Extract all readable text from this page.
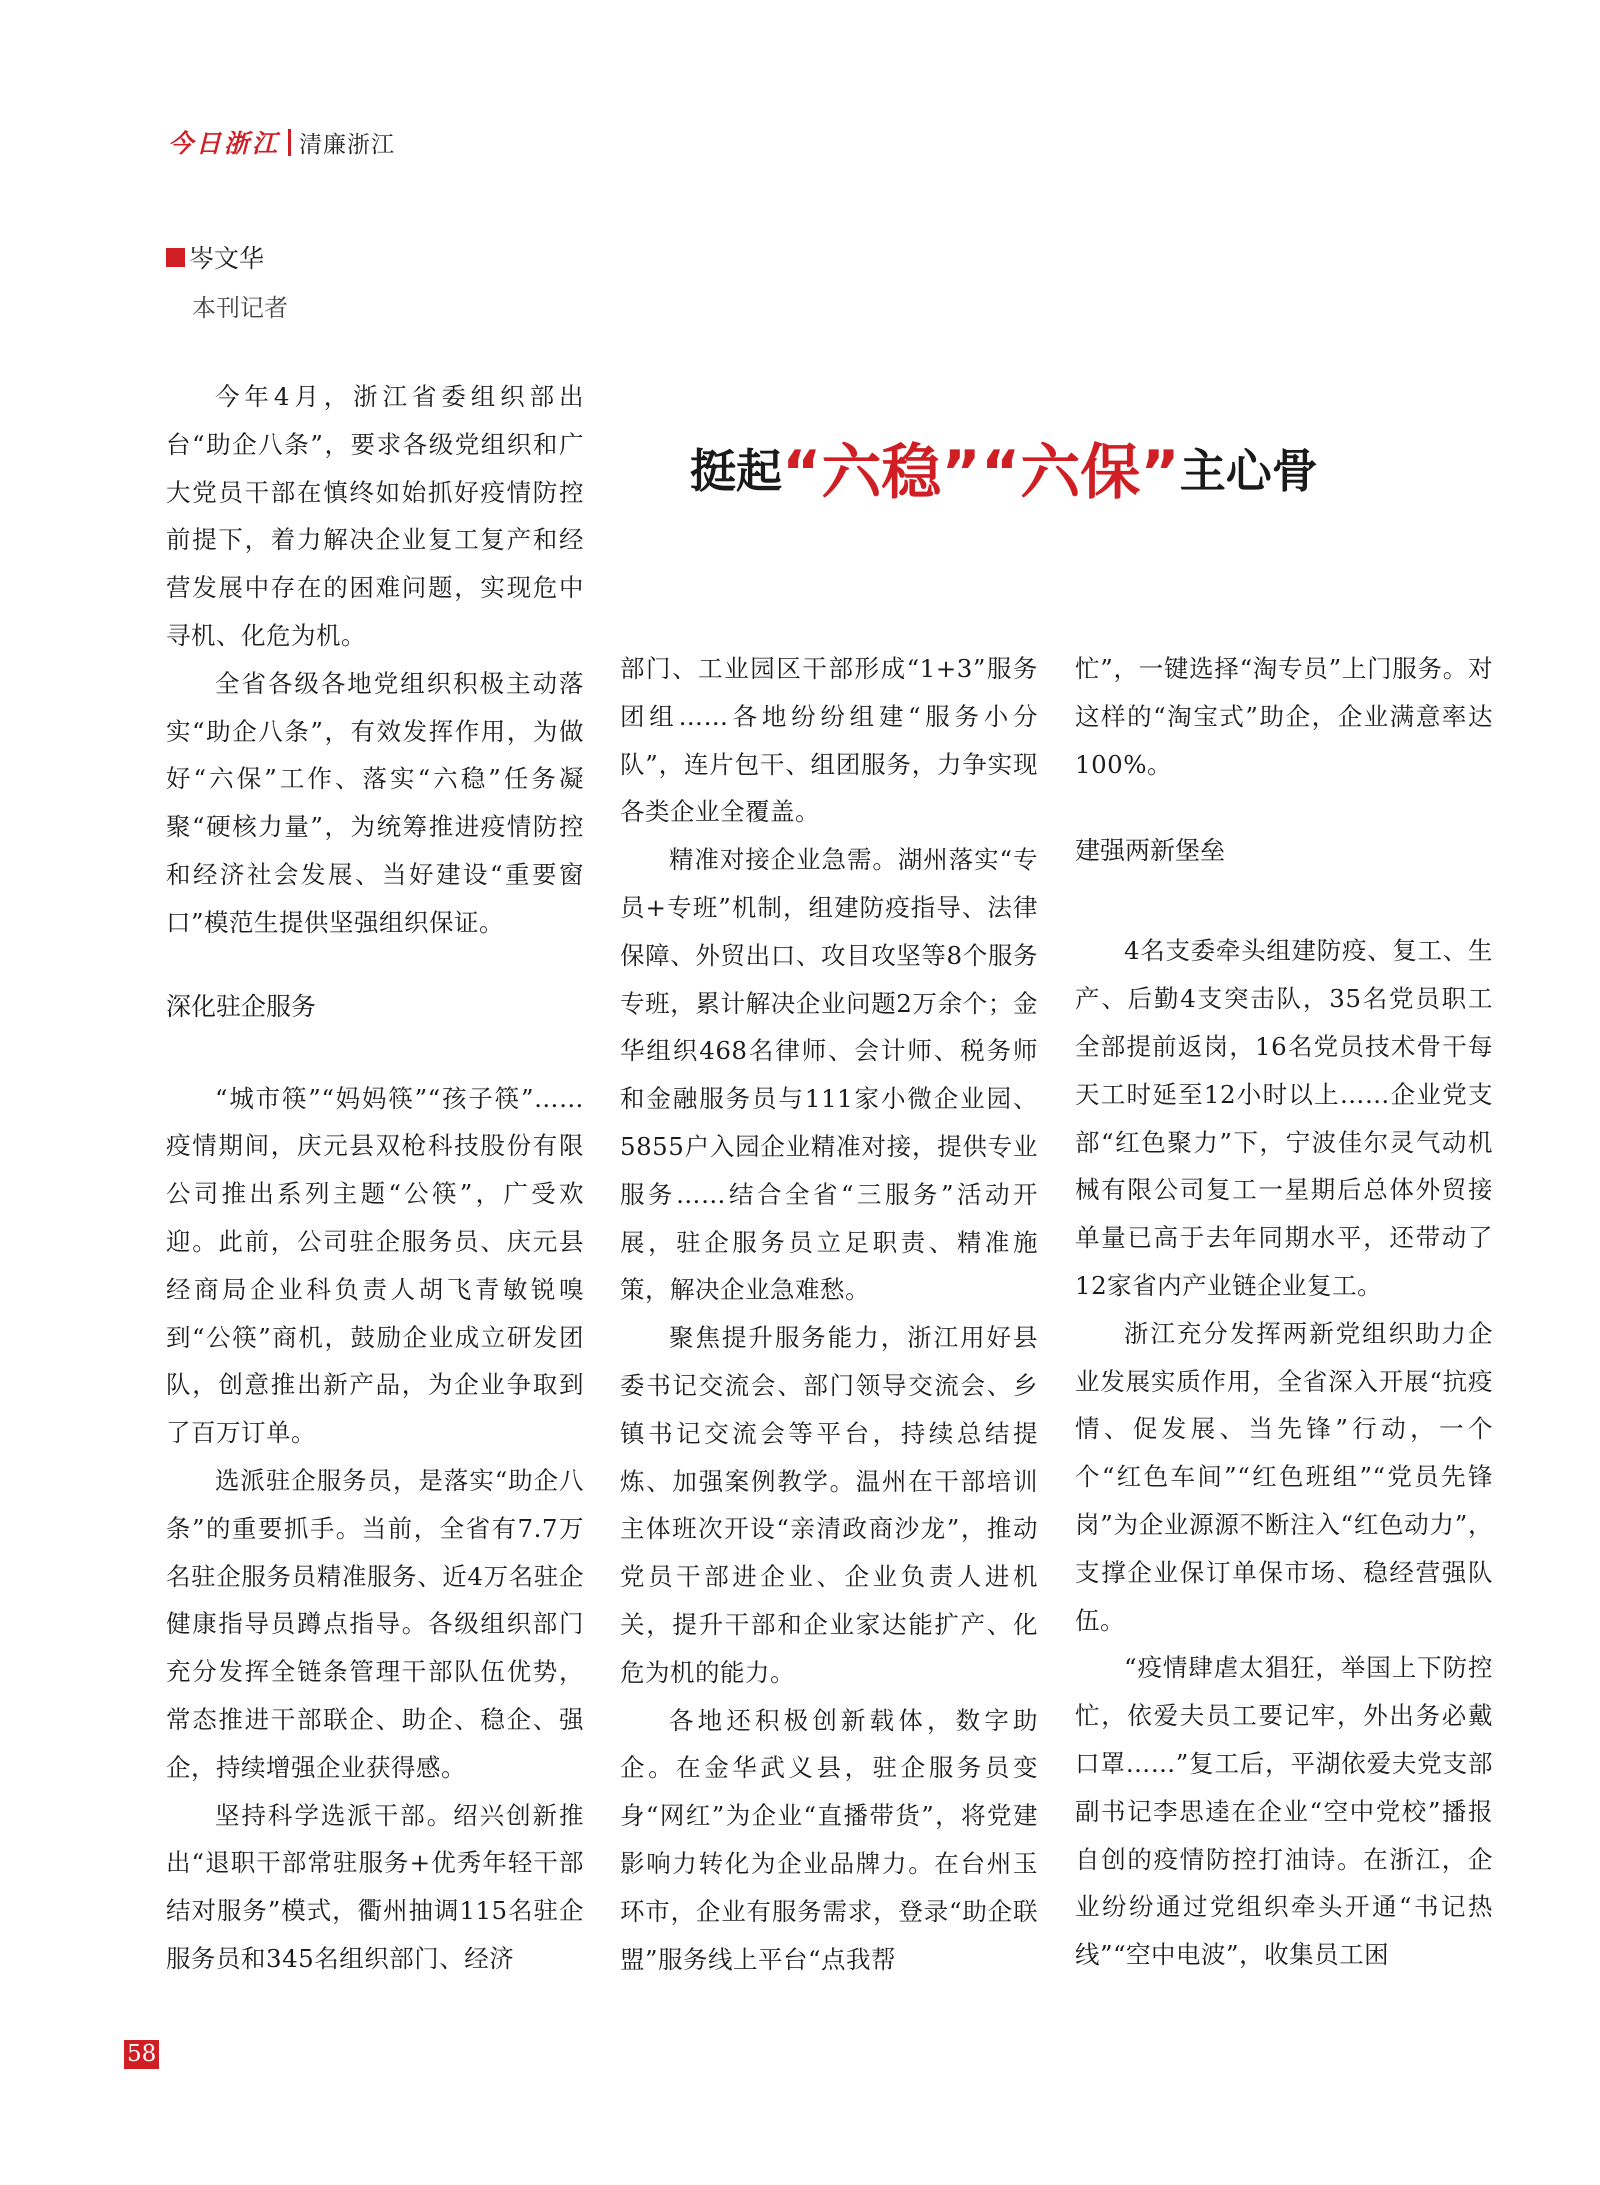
今日浙江 清廉浙江
岑文华
本刊记者
挺起“六稳”“六保”主心骨

今年4月，浙江省委组织部出台“助企八条”，要求各级党组织和广大党员干部在慎终如始抓好疫情防控前提下，着力解决企业复工复产和经营发展中存在的困难问题，实现危中寻机、化危为机。

全省各级各地党组织积极主动落实“助企八条”，有效发挥作用，为做好“六保”工作、落实“六稳”任务凝聚“硬核力量”，为统筹推进疫情防控和经济社会发展、当好建设“重要窗口”模范生提供坚强组织保证。

深化驻企服务

“城市筷”“妈妈筷”“孩子筷”……疫情期间，庆元县双枪科技股份有限公司推出系列主题“公筷”，广受欢迎。此前，公司驻企服务员、庆元县经商局企业科负责人胡飞青敏锐嗅到“公筷”商机，鼓励企业成立研发团队，创意推出新产品，为企业争取到了百万订单。

选派驻企服务员，是落实“助企八条”的重要抓手。当前，全省有7.7万名驻企服务员精准服务、近4万名驻企健康指导员蹲点指导。各级组织部门充分发挥全链条管理干部队伍优势，常态推进干部联企、助企、稳企、强企，持续增强企业获得感。

坚持科学选派干部。绍兴创新推出“退职干部常驻服务+优秀年轻干部结对服务”模式，衢州抽调115名驻企服务员和345名组织部门、经济

部门、工业园区干部形成“1+3”服务团组……各地纷纷组建“服务小分队”，连片包干、组团服务，力争实现各类企业全覆盖。

精准对接企业急需。湖州落实“专员+专班”机制，组建防疫指导、法律保障、外贸出口、攻目攻坚等8个服务专班，累计解决企业问题2万余个；金华组织468名律师、会计师、税务师和金融服务员与111家小微企业园、5855户入园企业精准对接，提供专业服务……结合全省“三服务”活动开展，驻企服务员立足职责、精准施策，解决企业急难愁。

聚焦提升服务能力，浙江用好县委书记交流会、部门领导交流会、乡镇书记交流会等平台，持续总结提炼、加强案例教学。温州在干部培训主体班次开设“亲清政商沙龙”，推动党员干部进企业、企业负责人进机关，提升干部和企业家达能扩产、化危为机的能力。

各地还积极创新载体，数字助企。在金华武义县，驻企服务员变身“网红”为企业“直播带货”，将党建影响力转化为企业品牌力。在台州玉环市，企业有服务需求，登录“助企联盟”服务线上平台“点我帮

忙”，一键选择“淘专员”上门服务。对这样的“淘宝式”助企，企业满意率达100%。

建强两新堡垒

4名支委牵头组建防疫、复工、生产、后勤4支突击队，35名党员职工全部提前返岗，16名党员技术骨干每天工时延至12小时以上……企业党支部“红色聚力”下，宁波佳尔灵气动机械有限公司复工一星期后总体外贸接单量已高于去年同期水平，还带动了12家省内产业链企业复工。

浙江充分发挥两新党组织助力企业发展实质作用，全省深入开展“抗疫情、促发展、当先锋”行动，一个个“红色车间”“红色班组”“党员先锋岗”为企业源源不断注入“红色动力”，支撑企业保订单保市场、稳经营强队伍。

“疫情肆虐太猖狂，举国上下防控忙，依爱夫员工要记牢，外出务必戴口罩……”复工后，平湖依爱夫党支部副书记李思逵在企业“空中党校”播报自创的疫情防控打油诗。在浙江，企业纷纷通过党组织牵头开通“书记热线”“空中电波”，收集员工困

58
